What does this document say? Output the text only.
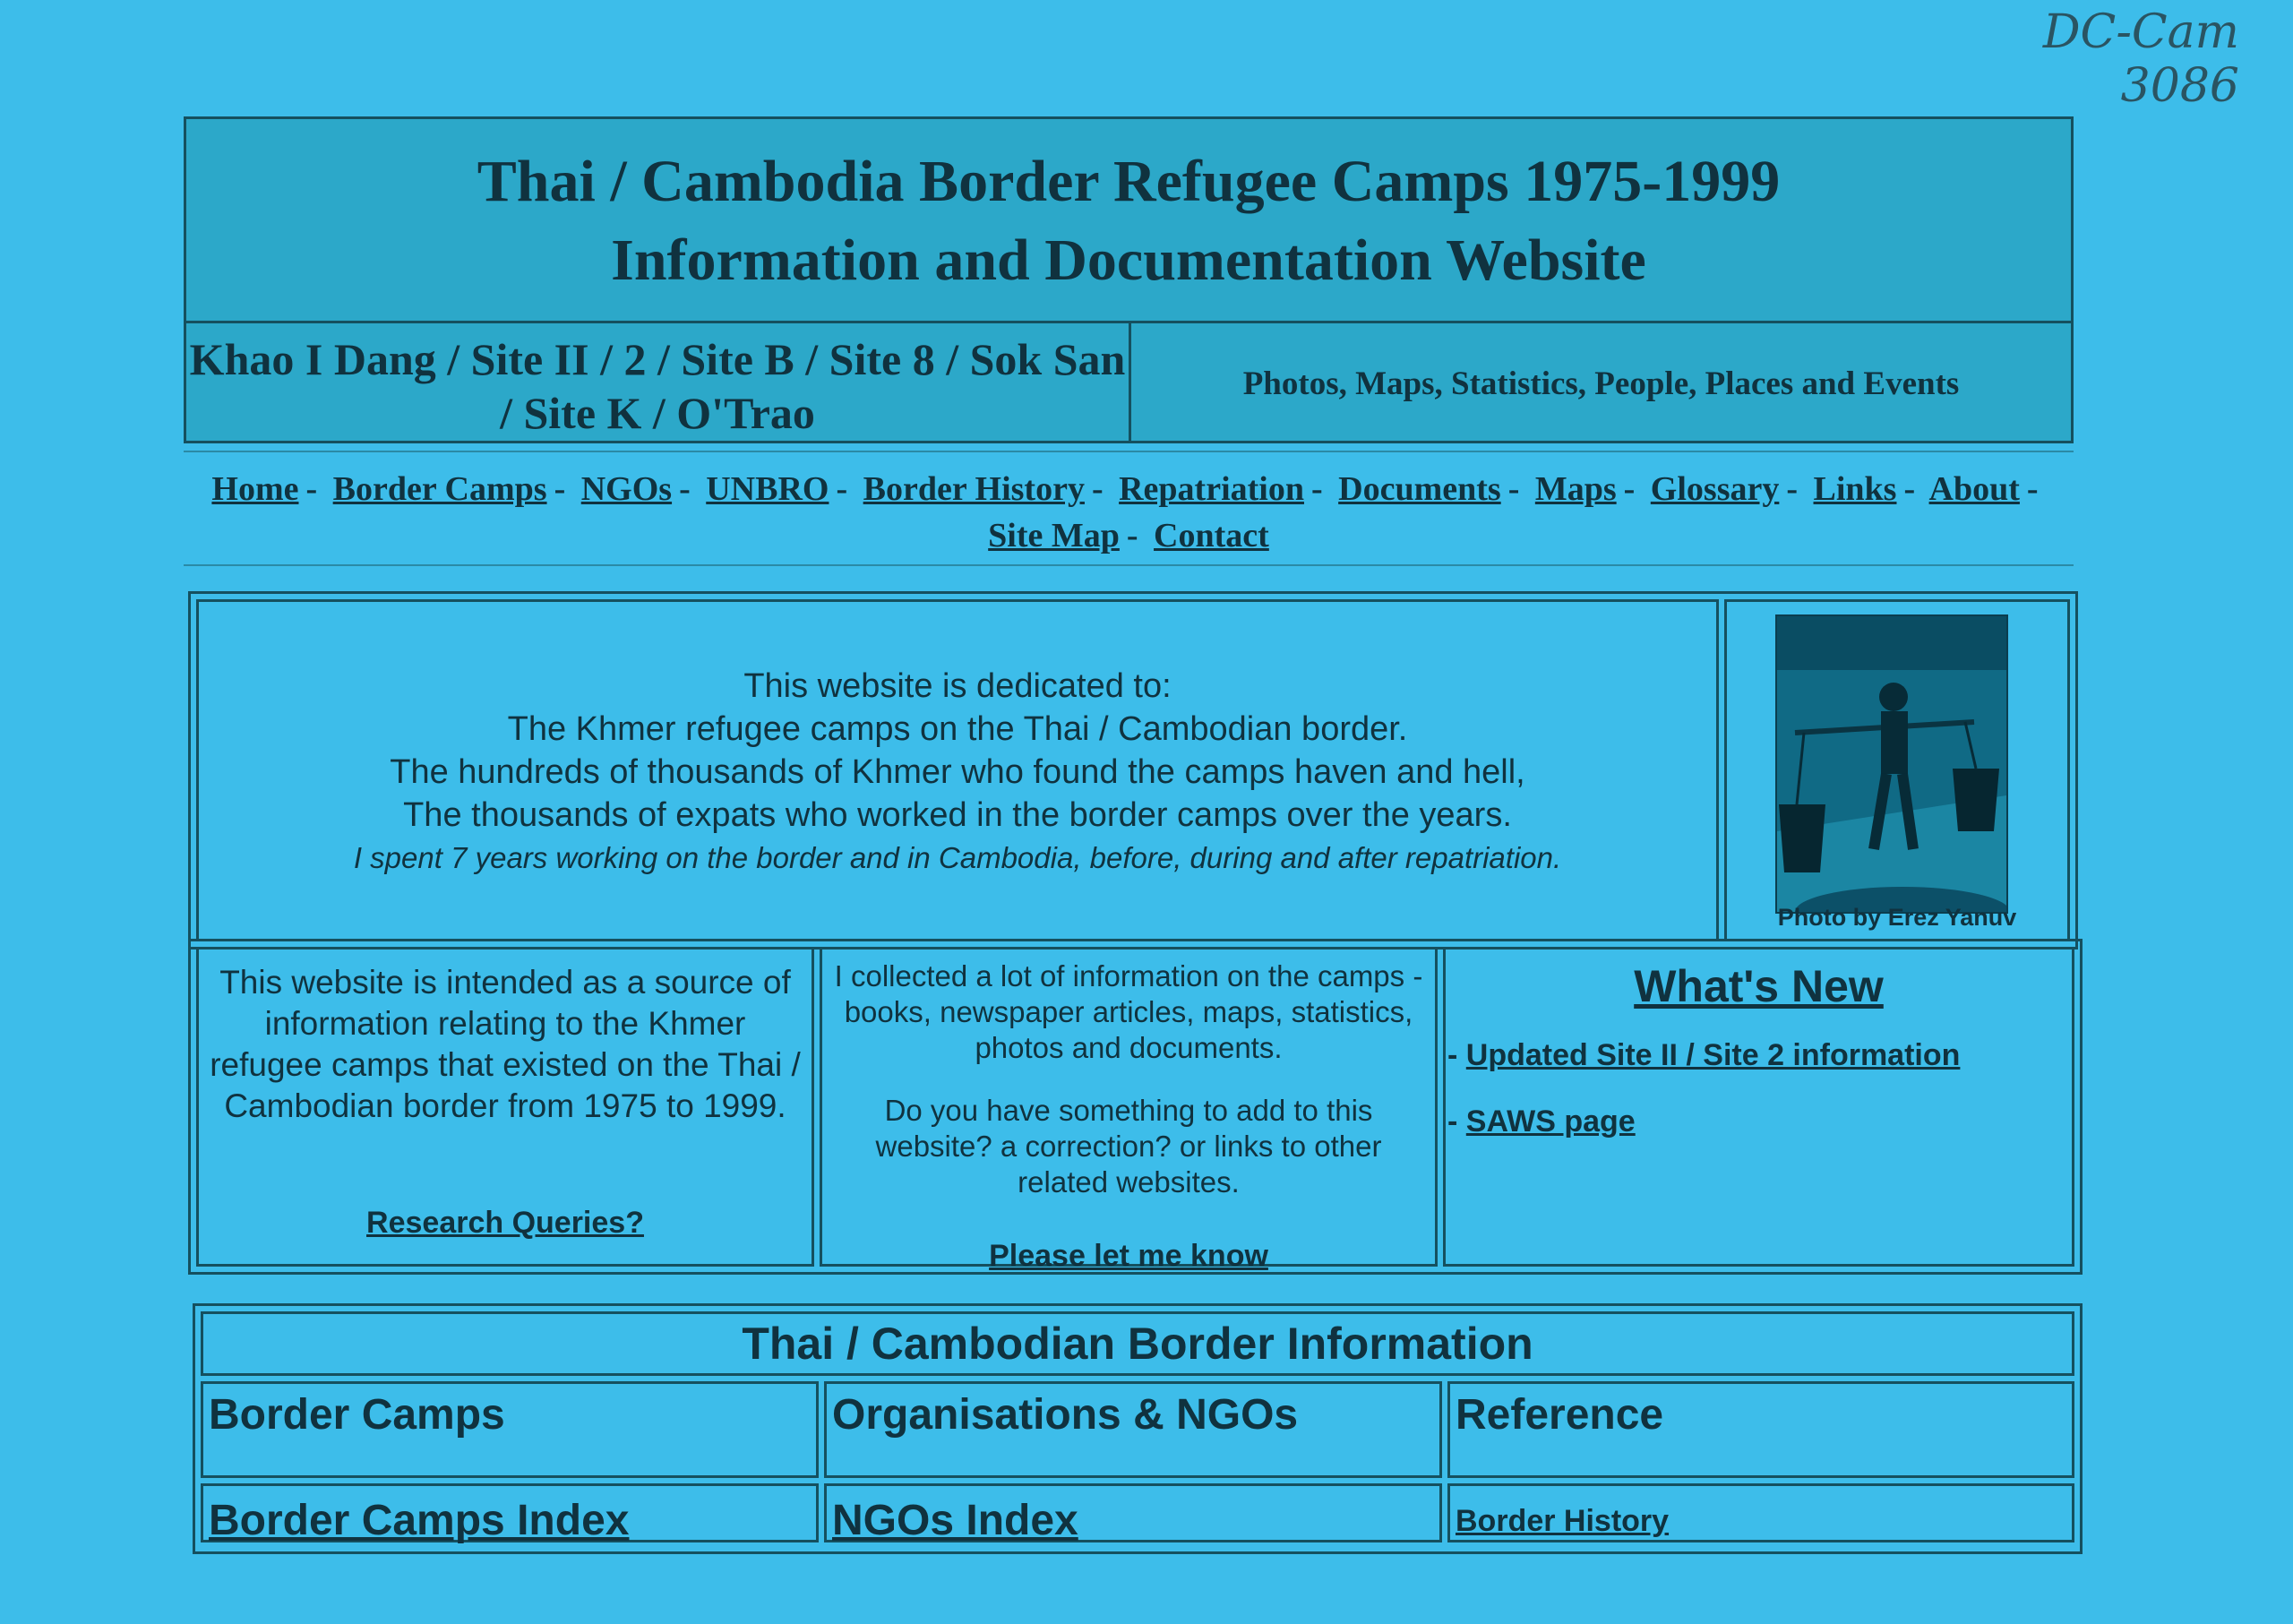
DC-Cam
3086
Thai / Cambodia Border Refugee Camps 1975-1999
Information and Documentation Website
Khao I Dang / Site II / 2 / Site B / Site 8 / Sok San / Site K / O'Trao
Photos, Maps, Statistics, People, Places and Events
Home - Border Camps - NGOs - UNBRO - Border History - Repatriation - Documents - Maps - Glossary - Links - About -
Site Map - Contact
This website is dedicated to:
The Khmer refugee camps on the Thai / Cambodian border.
The hundreds of thousands of Khmer who found the camps haven and hell,
The thousands of expats who worked in the border camps over the years.
I spent 7 years working on the border and in Cambodia, before, during and after repatriation.
Photo by Erez Yanuv
This website is intended as a source of information relating to the Khmer refugee camps that existed on the Thai / Cambodian border from 1975 to 1999.
Research Queries?
I collected a lot of information on the camps - books, newspaper articles, maps, statistics, photos and documents.
Do you have something to add to this website? a correction? or links to other related websites.
Please let me know
What's New
- Updated Site II / Site 2 information
- SAWS page
Thai / Cambodian Border Information
Border Camps	Organisations & NGOs	Reference
Border Camps Index	NGOs Index	Border History
